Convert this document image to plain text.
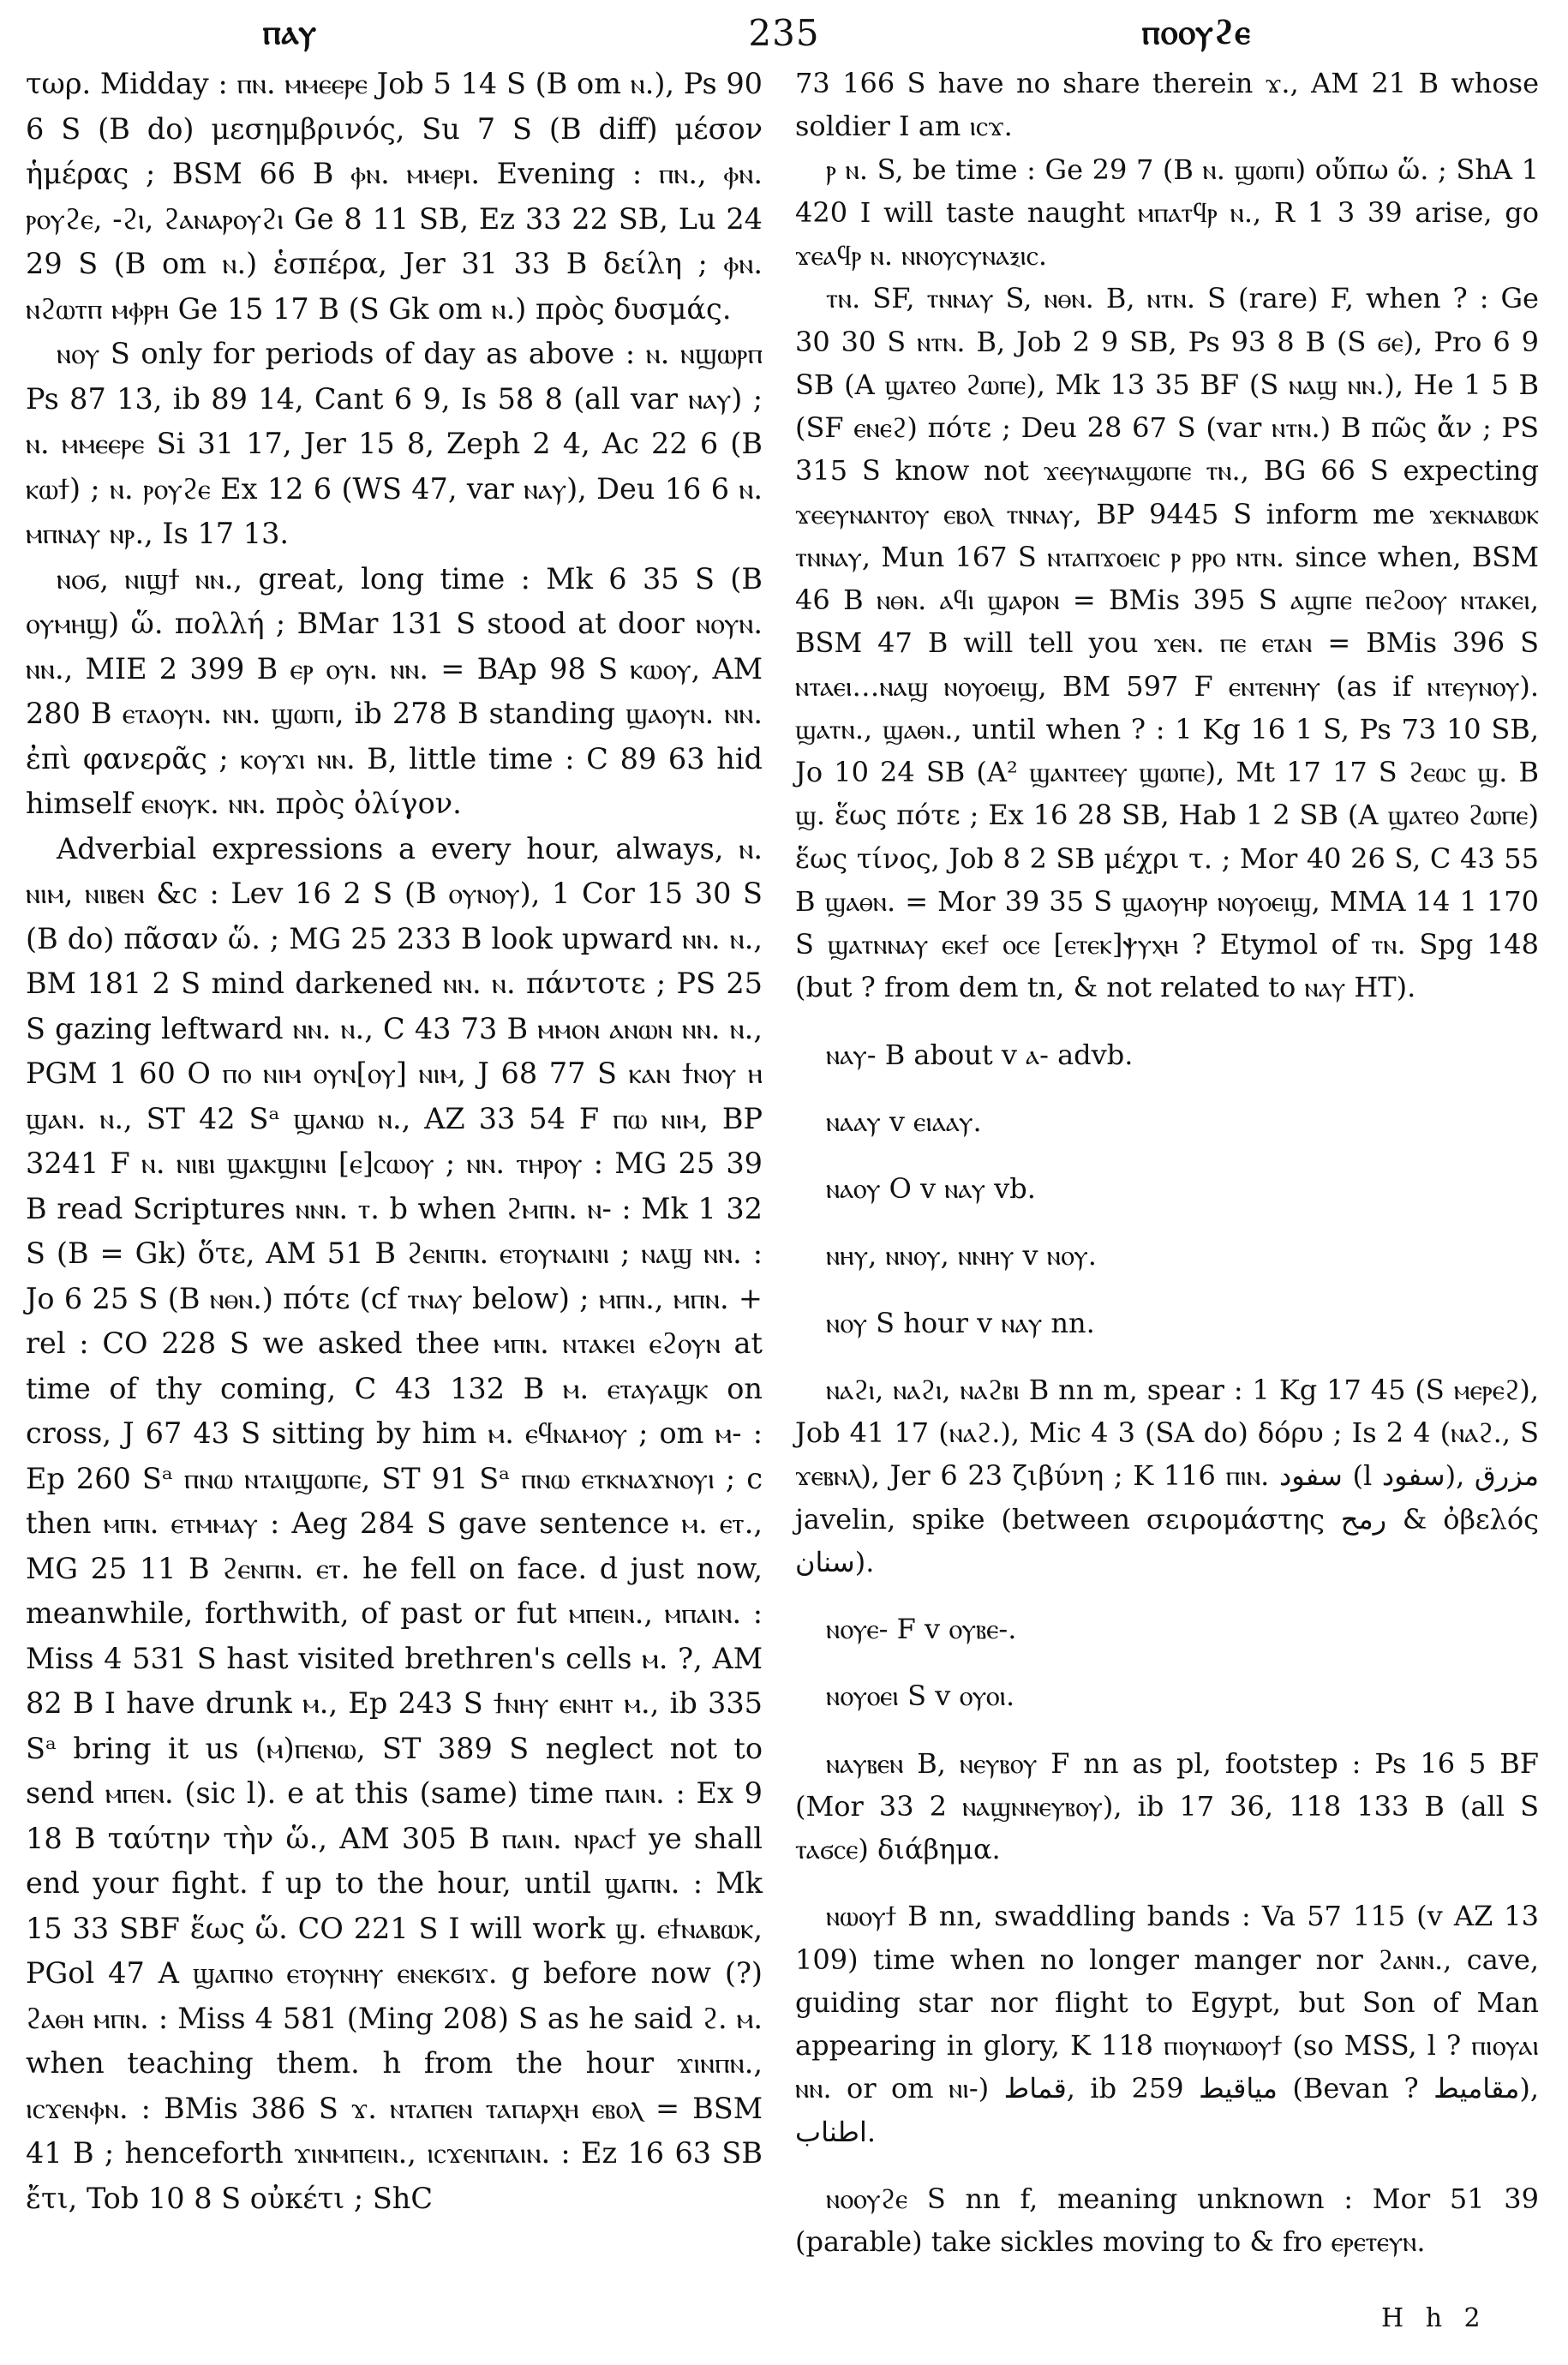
ⲡⲁⲩ	235	ⲡⲟⲟⲩϩⲉ

τωρ. Midday : ⲡⲛ. ⲙⲙⲉⲉⲣⲉ Job 5 14 S (B om ⲛ.), Ps 90 6 S (B do) μεσημβρινός, Su 7 S (B diff) μέσον ἡμέρας ; BSM 66 B ⲫⲛ. ⲙⲙⲉⲣⲓ. Evening : ⲡⲛ., ⲫⲛ. ⲣⲟⲩϩⲉ, -ϩⲓ, ϩⲁⲛⲁⲣⲟⲩϩⲓ Ge 8 11 SB, Ez 33 22 SB, Lu 24 29 S (B om ⲛ.) ἑσπέρα, Jer 31 33 B δείλη ; ⲫⲛ. ⲛϩⲱⲧⲡ ⲙⲫⲣⲏ Ge 15 17 B (S Gk om ⲛ.) πρὸς δυσμάς.

ⲛⲟⲩ S only for periods of day as above : ⲛ. ⲛϣⲱⲣⲡ Ps 87 13, ib 89 14, Cant 6 9, Is 58 8 (all var ⲛⲁⲩ) ; ⲛ. ⲙⲙⲉⲉⲣⲉ Si 31 17, Jer 15 8, Zeph 2 4, Ac 22 6 (B ⲕⲱϯ) ; ⲛ. ⲣⲟⲩϩⲉ Ex 12 6 (WS 47, var ⲛⲁⲩ), Deu 16 6 ⲛ. ⲙⲡⲛⲁⲩ ⲛⲣ., Is 17 13.

ⲛⲟϭ, ⲛⲓϣϯ ⲛⲛ., great, long time : Mk 6 35 S (B ⲟⲩⲙⲏϣ) ὥ. πολλή ; BMar 131 S stood at door ⲛⲟⲩⲛ. ⲛⲛ., MIE 2 399 B ⲉⲣ ⲟⲩⲛ. ⲛⲛ. = BAp 98 S ⲕⲱⲟⲩ, AM 280 B ⲉⲧⲁⲟⲩⲛ. ⲛⲛ. ϣⲱⲡⲓ, ib 278 B standing ϣⲁⲟⲩⲛ. ⲛⲛ. ἐπὶ φανερᾶς ; ⲕⲟⲩϫⲓ ⲛⲛ. B, little time : C 89 63 hid himself ⲉⲛⲟⲩⲕ. ⲛⲛ. πρὸς ὀλίγον.

Adverbial expressions a every hour, always, ⲛ. ⲛⲓⲙ, ⲛⲓⲃⲉⲛ &c : Lev 16 2 S (B ⲟⲩⲛⲟⲩ), 1 Cor 15 30 S (B do) πᾶσαν ὥ. ; MG 25 233 B look upward ⲛⲛ. ⲛ., BM 181 2 S mind darkened ⲛⲛ. ⲛ. πάντοτε ; PS 25 S gazing leftward ⲛⲛ. ⲛ., C 43 73 B ⲙⲙⲟⲛ ⲁⲛⲱⲛ ⲛⲛ. ⲛ., PGM 1 60 O ⲡⲟ ⲛⲓⲙ ⲟⲩⲛ[ⲟⲩ] ⲛⲓⲙ, J 68 77 S ⲕⲁⲛ ϯⲛⲟⲩ ⲏ ϣⲁⲛ. ⲛ., ST 42 Sᵃ ϣⲁⲛⲱ ⲛ., AZ 33 54 F ⲡⲱ ⲛⲓⲙ, BP 3241 F ⲛ. ⲛⲓⲃⲓ ϣⲁⲕϣⲓⲛⲓ [ⲉ]ⲥⲱⲟⲩ ; ⲛⲛ. ⲧⲏⲣⲟⲩ : MG 25 39 B read Scriptures ⲛⲛⲛ. ⲧ. b when ϩⲙⲡⲛ. ⲛ- : Mk 1 32 S (B = Gk) ὅτε, AM 51 B ϩⲉⲛⲡⲛ. ⲉⲧⲟⲩⲛⲁⲓⲛⲓ ; ⲛⲁϣ ⲛⲛ. : Jo 6 25 S (B ⲛⲑⲛ.) πότε (cf ⲧⲛⲁⲩ below) ; ⲙⲡⲛ., ⲙⲡⲛ. + rel : CO 228 S we asked thee ⲙⲡⲛ. ⲛⲧⲁⲕⲉⲓ ⲉϩⲟⲩⲛ at time of thy coming, C 43 132 B ⲙ. ⲉⲧⲁⲩⲁϣⲕ on cross, J 67 43 S sitting by him ⲙ. ⲉϥⲛⲁⲙⲟⲩ ; om ⲙ- : Ep 260 Sᵃ ⲡⲛⲱ ⲛⲧⲁⲓϣⲱⲡⲉ, ST 91 Sᵃ ⲡⲛⲱ ⲉⲧⲕⲛⲁϫⲛⲟⲩⲓ ; c then ⲙⲡⲛ. ⲉⲧⲙⲙⲁⲩ : Aeg 284 S gave sentence ⲙ. ⲉⲧ., MG 25 11 B ϩⲉⲛⲡⲛ. ⲉⲧ. he fell on face. d just now, meanwhile, forthwith, of past or fut ⲙⲡⲉⲓⲛ., ⲙⲡⲁⲓⲛ. : Miss 4 531 S hast visited brethren's cells ⲙ. ?, AM 82 B I have drunk ⲙ., Ep 243 S ϯⲛⲏⲩ ⲉⲛⲏⲧ ⲙ., ib 335 Sᵃ bring it us (ⲙ)ⲡⲉⲛⲱ, ST 389 S neglect not to send ⲙⲡⲉⲛ. (sic l). e at this (same) time ⲡⲁⲓⲛ. : Ex 9 18 B ταύτην τὴν ὥ., AM 305 B ⲡⲁⲓⲛ. ⲛⲣⲁⲥϯ ye shall end your fight. f up to the hour, until ϣⲁⲡⲛ. : Mk 15 33 SBF ἕως ὥ. CO 221 S I will work ϣ. ⲉϯⲛⲁⲃⲱⲕ, PGol 47 A ϣⲁⲡⲛⲟ ⲉⲧⲟⲩⲛⲏⲩ ⲉⲛⲉⲕϭⲓϫ. g before now (?) ϩⲁⲑⲏ ⲙⲡⲛ. : Miss 4 581 (Ming 208) S as he said ϩ. ⲙ. when teaching them. h from the hour ϫⲓⲛⲡⲛ., ⲓⲥϫⲉⲛⲫⲛ. : BMis 386 S ϫ. ⲛⲧⲁⲡⲉⲛ ⲧⲁⲡⲁⲣⲭⲏ ⲉⲃⲟⲗ = BSM 41 B ; henceforth ϫⲓⲛⲙⲡⲉⲓⲛ., ⲓⲥϫⲉⲛⲡⲁⲓⲛ. : Ez 16 63 SB ἔτι, Tob 10 8 S οὐκέτι ; ShC

73 166 S have no share therein ϫ., AM 21 B whose soldier I am ⲓⲥϫ.

ⲣ ⲛ. S, be time : Ge 29 7 (B ⲛ. ϣⲱⲡⲓ) οὔπω ὥ. ; ShA 1 420 I will taste naught ⲙⲡⲁⲧϥⲣ ⲛ., R 1 3 39 arise, go ϫⲉⲁϥⲣ ⲛ. ⲛⲛⲟⲩⲥⲩⲛⲁⲝⲓⲥ.

ⲧⲛ. SF, ⲧⲛⲛⲁⲩ S, ⲛⲑⲛ. B, ⲛⲧⲛ. S (rare) F, when ? : Ge 30 30 S ⲛⲧⲛ. B, Job 2 9 SB, Ps 93 8 B (S ϭⲉ), Pro 6 9 SB (A ϣⲁⲧⲉⲟ ϩⲱⲡⲉ), Mk 13 35 BF (S ⲛⲁϣ ⲛⲛ.), He 1 5 B (SF ⲉⲛⲉϩ) πότε ; Deu 28 67 S (var ⲛⲧⲛ.) B πῶς ἄν ; PS 315 S know not ϫⲉⲉⲩⲛⲁϣⲱⲡⲉ ⲧⲛ., BG 66 S expecting ϫⲉⲉⲩⲛⲁⲛⲧⲟⲩ ⲉⲃⲟⲗ ⲧⲛⲛⲁⲩ, BP 9445 S inform me ϫⲉⲕⲛⲁⲃⲱⲕ ⲧⲛⲛⲁⲩ, Mun 167 S ⲛⲧⲁⲡϫⲟⲉⲓⲥ ⲣ ⲣⲣⲟ ⲛⲧⲛ. since when, BSM 46 B ⲛⲑⲛ. ⲁϥⲓ ϣⲁⲣⲟⲛ = BMis 395 S ⲁϣⲡⲉ ⲡⲉϩⲟⲟⲩ ⲛⲧⲁⲕⲉⲓ, BSM 47 B will tell you ϫⲉⲛ. ⲡⲉ ⲉⲧⲁⲛ = BMis 396 S ⲛⲧⲁⲉⲓ…ⲛⲁϣ ⲛⲟⲩⲟⲉⲓϣ, BM 597 F ⲉⲛⲧⲉⲛⲏⲩ (as if ⲛⲧⲉⲩⲛⲟⲩ). ϣⲁⲧⲛ., ϣⲁⲑⲛ., until when ? : 1 Kg 16 1 S, Ps 73 10 SB, Jo 10 24 SB (A² ϣⲁⲛⲧⲉⲉⲩ ϣⲱⲡⲉ), Mt 17 17 S ϩⲉⲱⲥ ϣ. B ϣ. ἕως πότε ; Ex 16 28 SB, Hab 1 2 SB (A ϣⲁⲧⲉⲟ ϩⲱⲡⲉ) ἕως τίνος, Job 8 2 SB μέχρι τ. ; Mor 40 26 S, C 43 55 B ϣⲁⲑⲛ. = Mor 39 35 S ϣⲁⲟⲩⲏⲣ ⲛⲟⲩⲟⲉⲓϣ, MMA 14 1 170 S ϣⲁⲧⲛⲛⲁⲩ ⲉⲕⲉϯ ⲟⲥⲉ [ⲉⲧⲉⲕ]ⲯⲩⲭⲏ ? Etymol of ⲧⲛ. Spg 148 (but ? from dem tn, & not related to ⲛⲁⲩ HT).

ⲛⲁⲩ- B about v ⲁ- advb.

ⲛⲁⲁⲩ v ⲉⲓⲁⲁⲩ.

ⲛⲁⲟⲩ O v ⲛⲁⲩ vb.

ⲛⲏⲩ, ⲛⲛⲟⲩ, ⲛⲛⲏⲩ v ⲛⲟⲩ.

ⲛⲟⲩ S hour v ⲛⲁⲩ nn.

ⲛⲁϩⲓ, ⲛⲁϩⲓ, ⲛⲁϩⲃⲓ B nn m, spear : 1 Kg 17 45 (S ⲙⲉⲣⲉϩ), Job 41 17 (ⲛⲁϩ.), Mic 4 3 (SA do) δόρυ ; Is 2 4 (ⲛⲁϩ., S ϫⲉⲃⲛⲗ), Jer 6 23 ζιβύνη ; K 116 ⲡⲓⲛ. سفود (l سفود), مزرق javelin, spike (between σειρομάστης رمح & ὀβελός سنان).

ⲛⲟⲩⲉ- F v ⲟⲩⲃⲉ-.

ⲛⲟⲩⲟⲉⲓ S v ⲟⲩⲟⲓ.

ⲛⲁⲩⲃⲉⲛ B, ⲛⲉⲩⲃⲟⲩ F nn as pl, footstep : Ps 16 5 BF (Mor 33 2 ⲛⲁϣⲛⲛⲉⲩⲃⲟⲩ), ib 17 36, 118 133 B (all S ⲧⲁϭⲥⲉ) διάβημα.

ⲛⲱⲟⲩϯ B nn, swaddling bands : Va 57 115 (v AZ 13 109) time when no longer manger nor ϩⲁⲛⲛ., cave, guiding star nor flight to Egypt, but Son of Man appearing in glory, K 118 ⲡⲓⲟⲩⲛⲱⲟⲩϯ (so MSS, l ? ⲡⲓⲟⲩⲁⲓ ⲛⲛ. or om ⲛⲓ-) قماط, ib 259 مياقيط (Bevan ? مقاميط), اطناب.

ⲛⲟⲟⲩϩⲉ S nn f, meaning unknown : Mor 51 39 (parable) take sickles moving to & fro ⲉⲣⲉⲧⲉⲩⲛ.

H h 2
